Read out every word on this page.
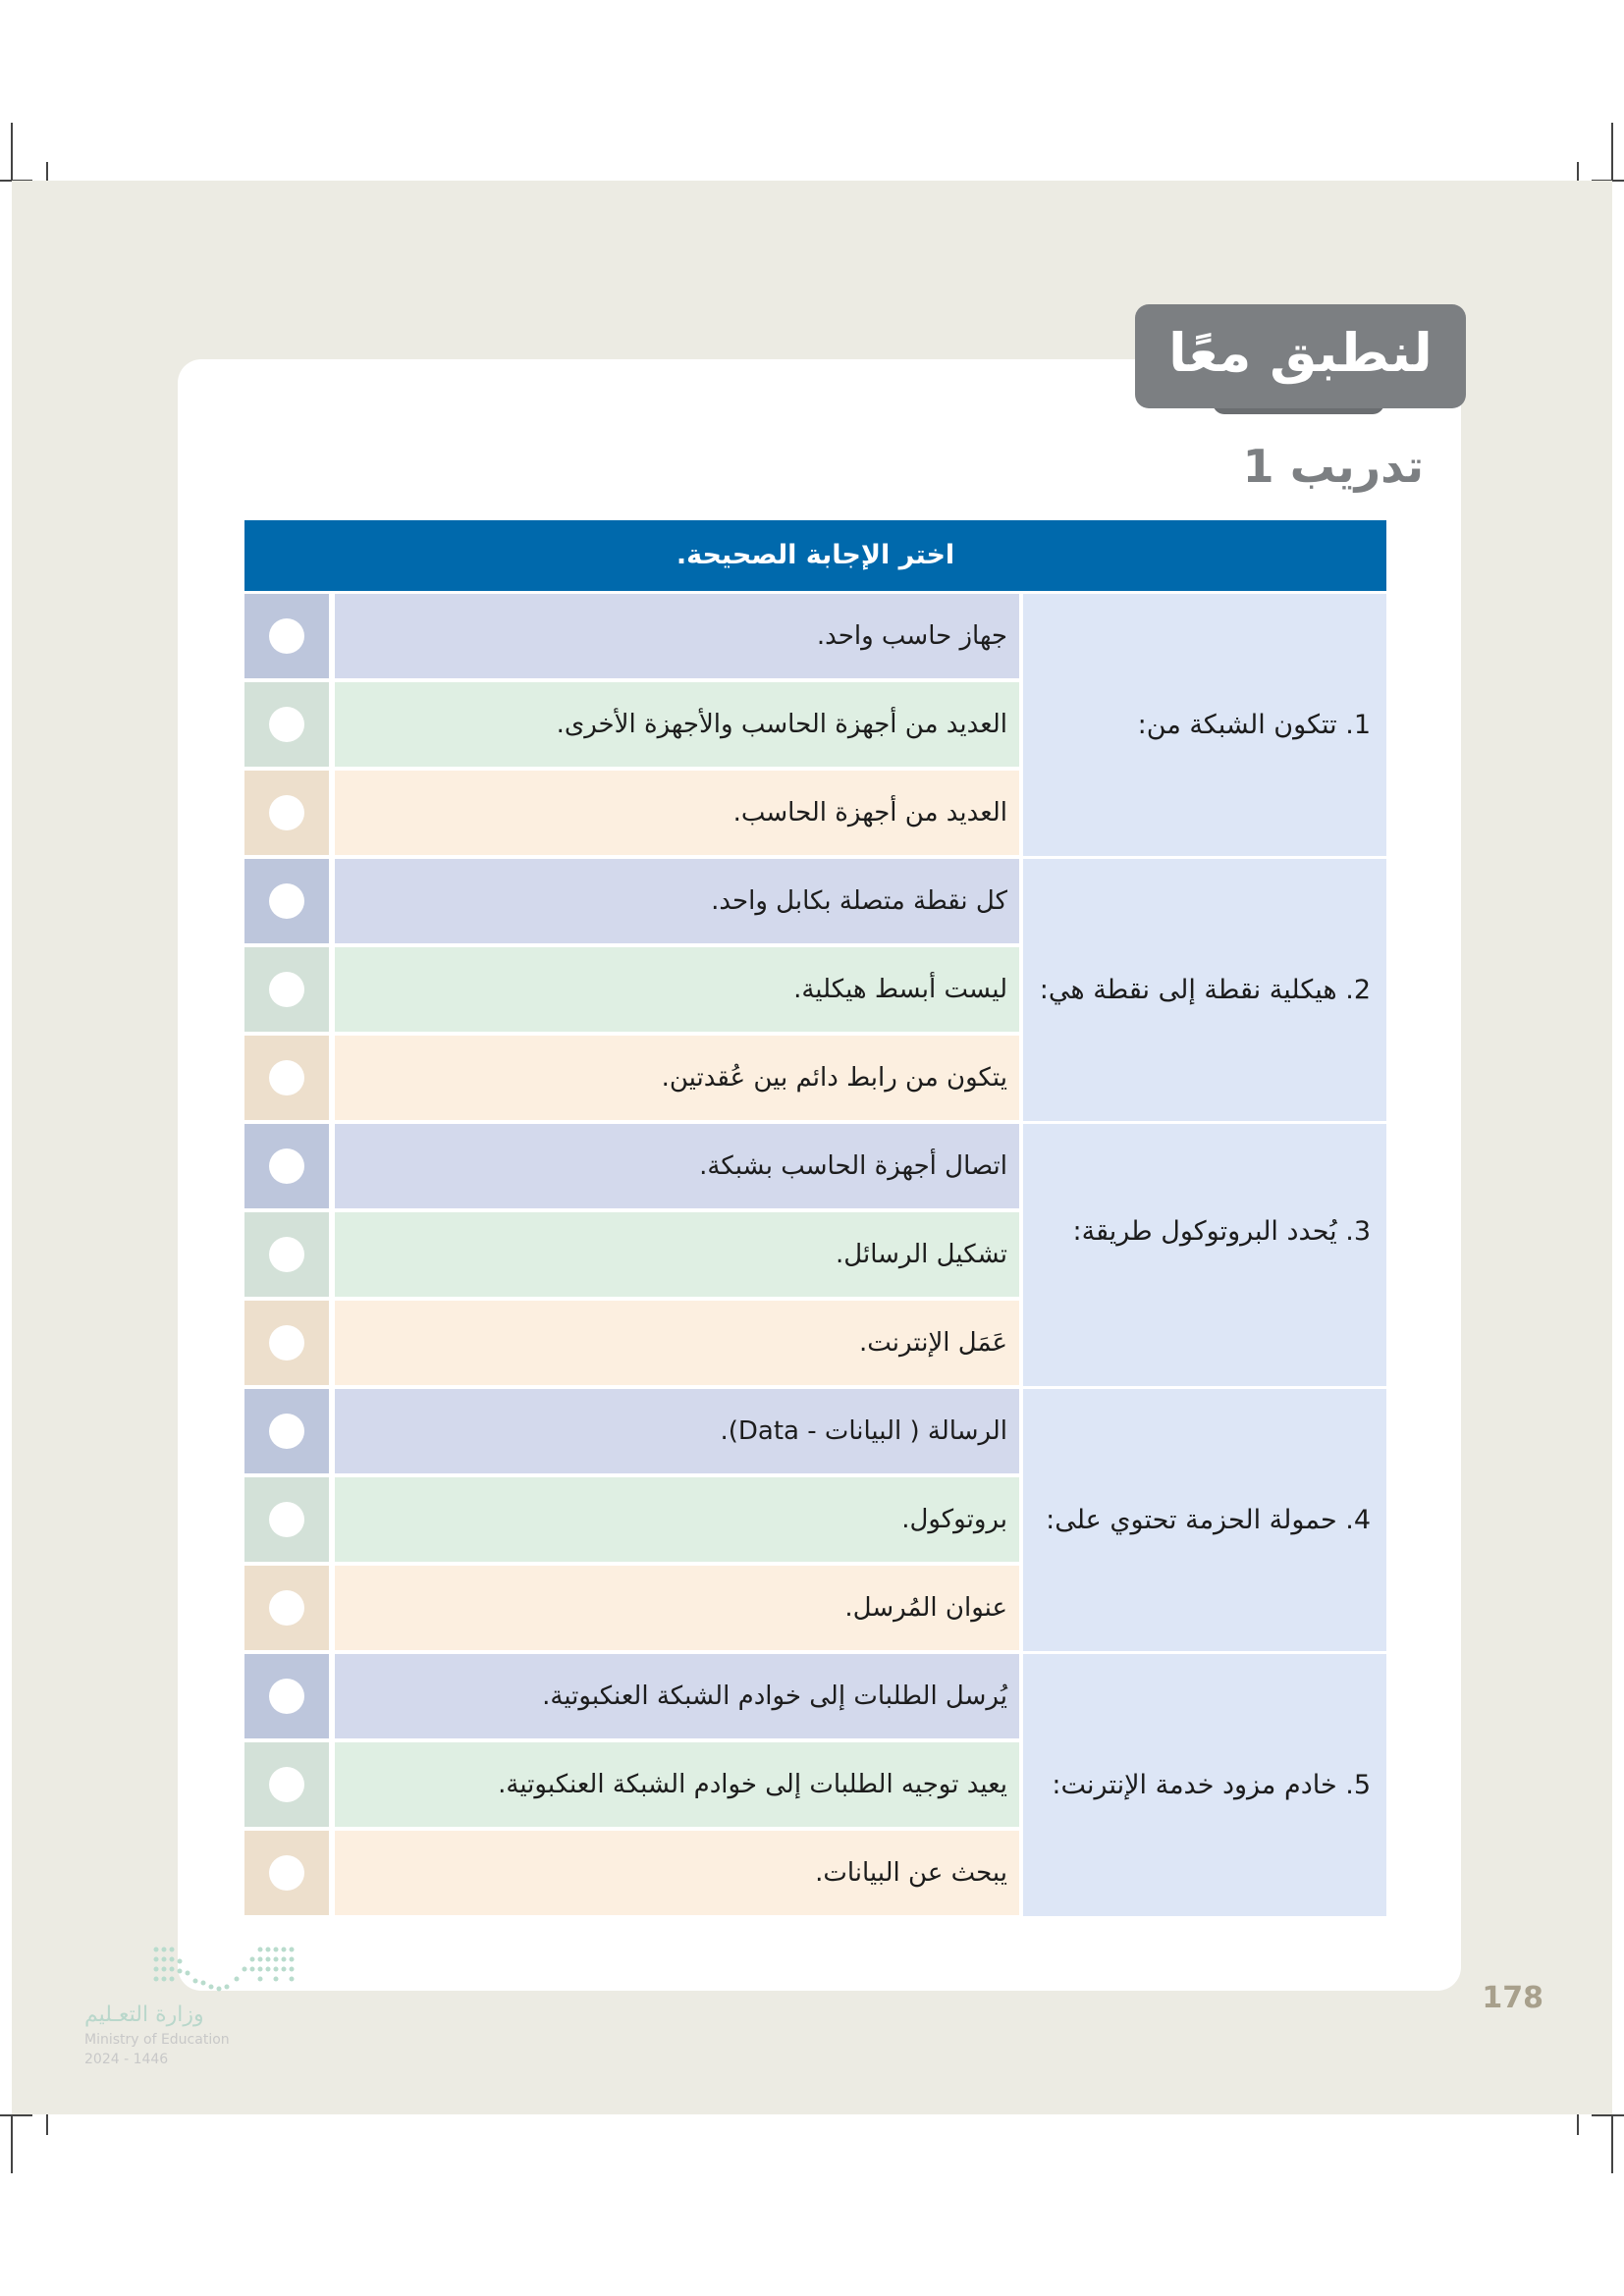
لنطبق معًا
تدريب 1
اختر الإجابة الصحيحة.
1. تتكون الشبكة من:
جهاز حاسب واحد.
العديد من أجهزة الحاسب والأجهزة الأخرى.
العديد من أجهزة الحاسب.
2. هيكلية نقطة إلى نقطة هي:
كل نقطة متصلة بكابل واحد.
ليست أبسط هيكلية.
يتكون من رابط دائم بين عُقدتين.
3. يُحدد البروتوكول طريقة:
اتصال أجهزة الحاسب بشبكة.
تشكيل الرسائل.
عَمَل الإنترنت.
4. حمولة الحزمة تحتوي على:
الرسالة ( البيانات - Data).
بروتوكول.
عنوان المُرسل.
5. خادم مزود خدمة الإنترنت:
يُرسل الطلبات إلى خوادم الشبكة العنكبوتية.
يعيد توجيه الطلبات إلى خوادم الشبكة العنكبوتية.
يبحث عن البيانات.
وزارة التعـليم
Ministry of Education
2024 - 1446
178
